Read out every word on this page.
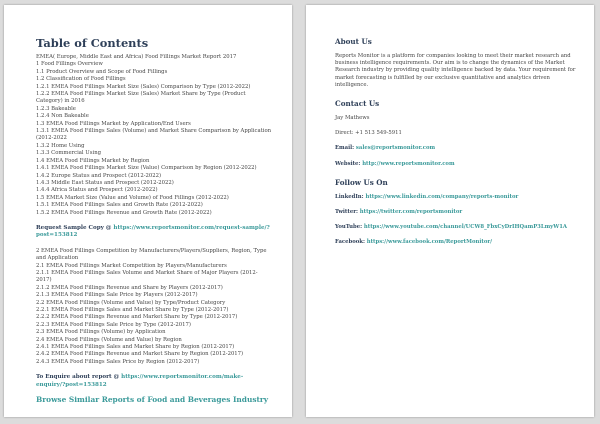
Table of Contents
EMEA( Europe, Middle East and Africa) Food Fillings Market Report 2017
1 Food Fillings Overview
1.1 Product Overview and Scope of Food Fillings
1.2 Classification of Food Fillings
1.2.1 EMEA Food Fillings Market Size (Sales) Comparison by Type (2012-2022)
1.2.2 EMEA Food Fillings Market Size (Sales) Market Share by Type (Product Category) in 2016
1.2.3 Bakeable
1.2.4 Non Bakeable
1.3 EMEA Food Fillings Market by Application/End Users
1.3.1 EMEA Food Fillings Sales (Volume) and Market Share Comparison by Application (2012-2022
1.3.2 Home Using
1.3.3 Commercial Using
1.4 EMEA Food Fillings Market by Region
1.4.1 EMEA Food Fillings Market Size (Value) Comparison by Region (2012-2022)
1.4.2 Europe Status and Prospect (2012-2022)
1.4.3 Middle East Status and Prospect (2012-2022)
1.4.4 Africa Status and Prospect (2012-2022)
1.5 EMEA Market Size (Value and Volume) of Food Fillings (2012-2022)
1.5.1 EMEA Food Fillings Sales and Growth Rate (2012-2022)
1.5.2 EMEA Food Fillings Revenue and Growth Rate (2012-2022)
Request Sample Copy @ https://www.reportsmonitor.com/request-sample/?post=153812
2 EMEA Food Fillings Competition by Manufacturers/Players/Suppliers, Region, Type and Application
2.1 EMEA Food Fillings Market Competition by Players/Manufacturers
2.1.1 EMEA Food Fillings Sales Volume and Market Share of Major Players (2012-2017)
2.1.2 EMEA Food Fillings Revenue and Share by Players (2012-2017)
2.1.3 EMEA Food Fillings Sale Price by Players (2012-2017)
2.2 EMEA Food Fillings (Volume and Value) by Type/Product Category
2.2.1 EMEA Food Fillings Sales and Market Share by Type (2012-2017)
2.2.2 EMEA Food Fillings Revenue and Market Share by Type (2012-2017)
2.2.3 EMEA Food Fillings Sale Price by Type (2012-2017)
2.3 EMEA Food Fillings (Volume) by Application
2.4 EMEA Food Fillings (Volume and Value) by Region
2.4.1 EMEA Food Fillings Sales and Market Share by Region (2012-2017)
2.4.2 EMEA Food Fillings Revenue and Market Share by Region (2012-2017)
2.4.3 EMEA Food Fillings Sales Price by Region (2012-2017)
To Enquire about report @ https://www.reportsmonitor.com/make-enquiry/?post=153812
Browse Similar Reports of Food and Beverages Industry
About Us
Reports Monitor is a platform for companies looking to meet their market research and business intelligence requirements. Our aim is to change the dynamics of the Market Research industry by providing quality intelligence backed by data. Your requirement for market forecasting is fulfilled by our exclusive quantitative and analytics driven intelligence.
Contact Us
Jay Mathews
Direct: +1 513 549-5911
Email: sales@reportsmonitor.com
Website: http://www.reportsmonitor.com
Follow Us On
LinkedIn: https://www.linkedin.com/company/reports-monitor
Twitter: https://twitter.com/reportsmonitor
YouTube: https://www.youtube.com/channel/UCW8_FbxCyDrIHQamP3LmyW1A
Facebook: https://www.facebook.com/ReportMonitor/
